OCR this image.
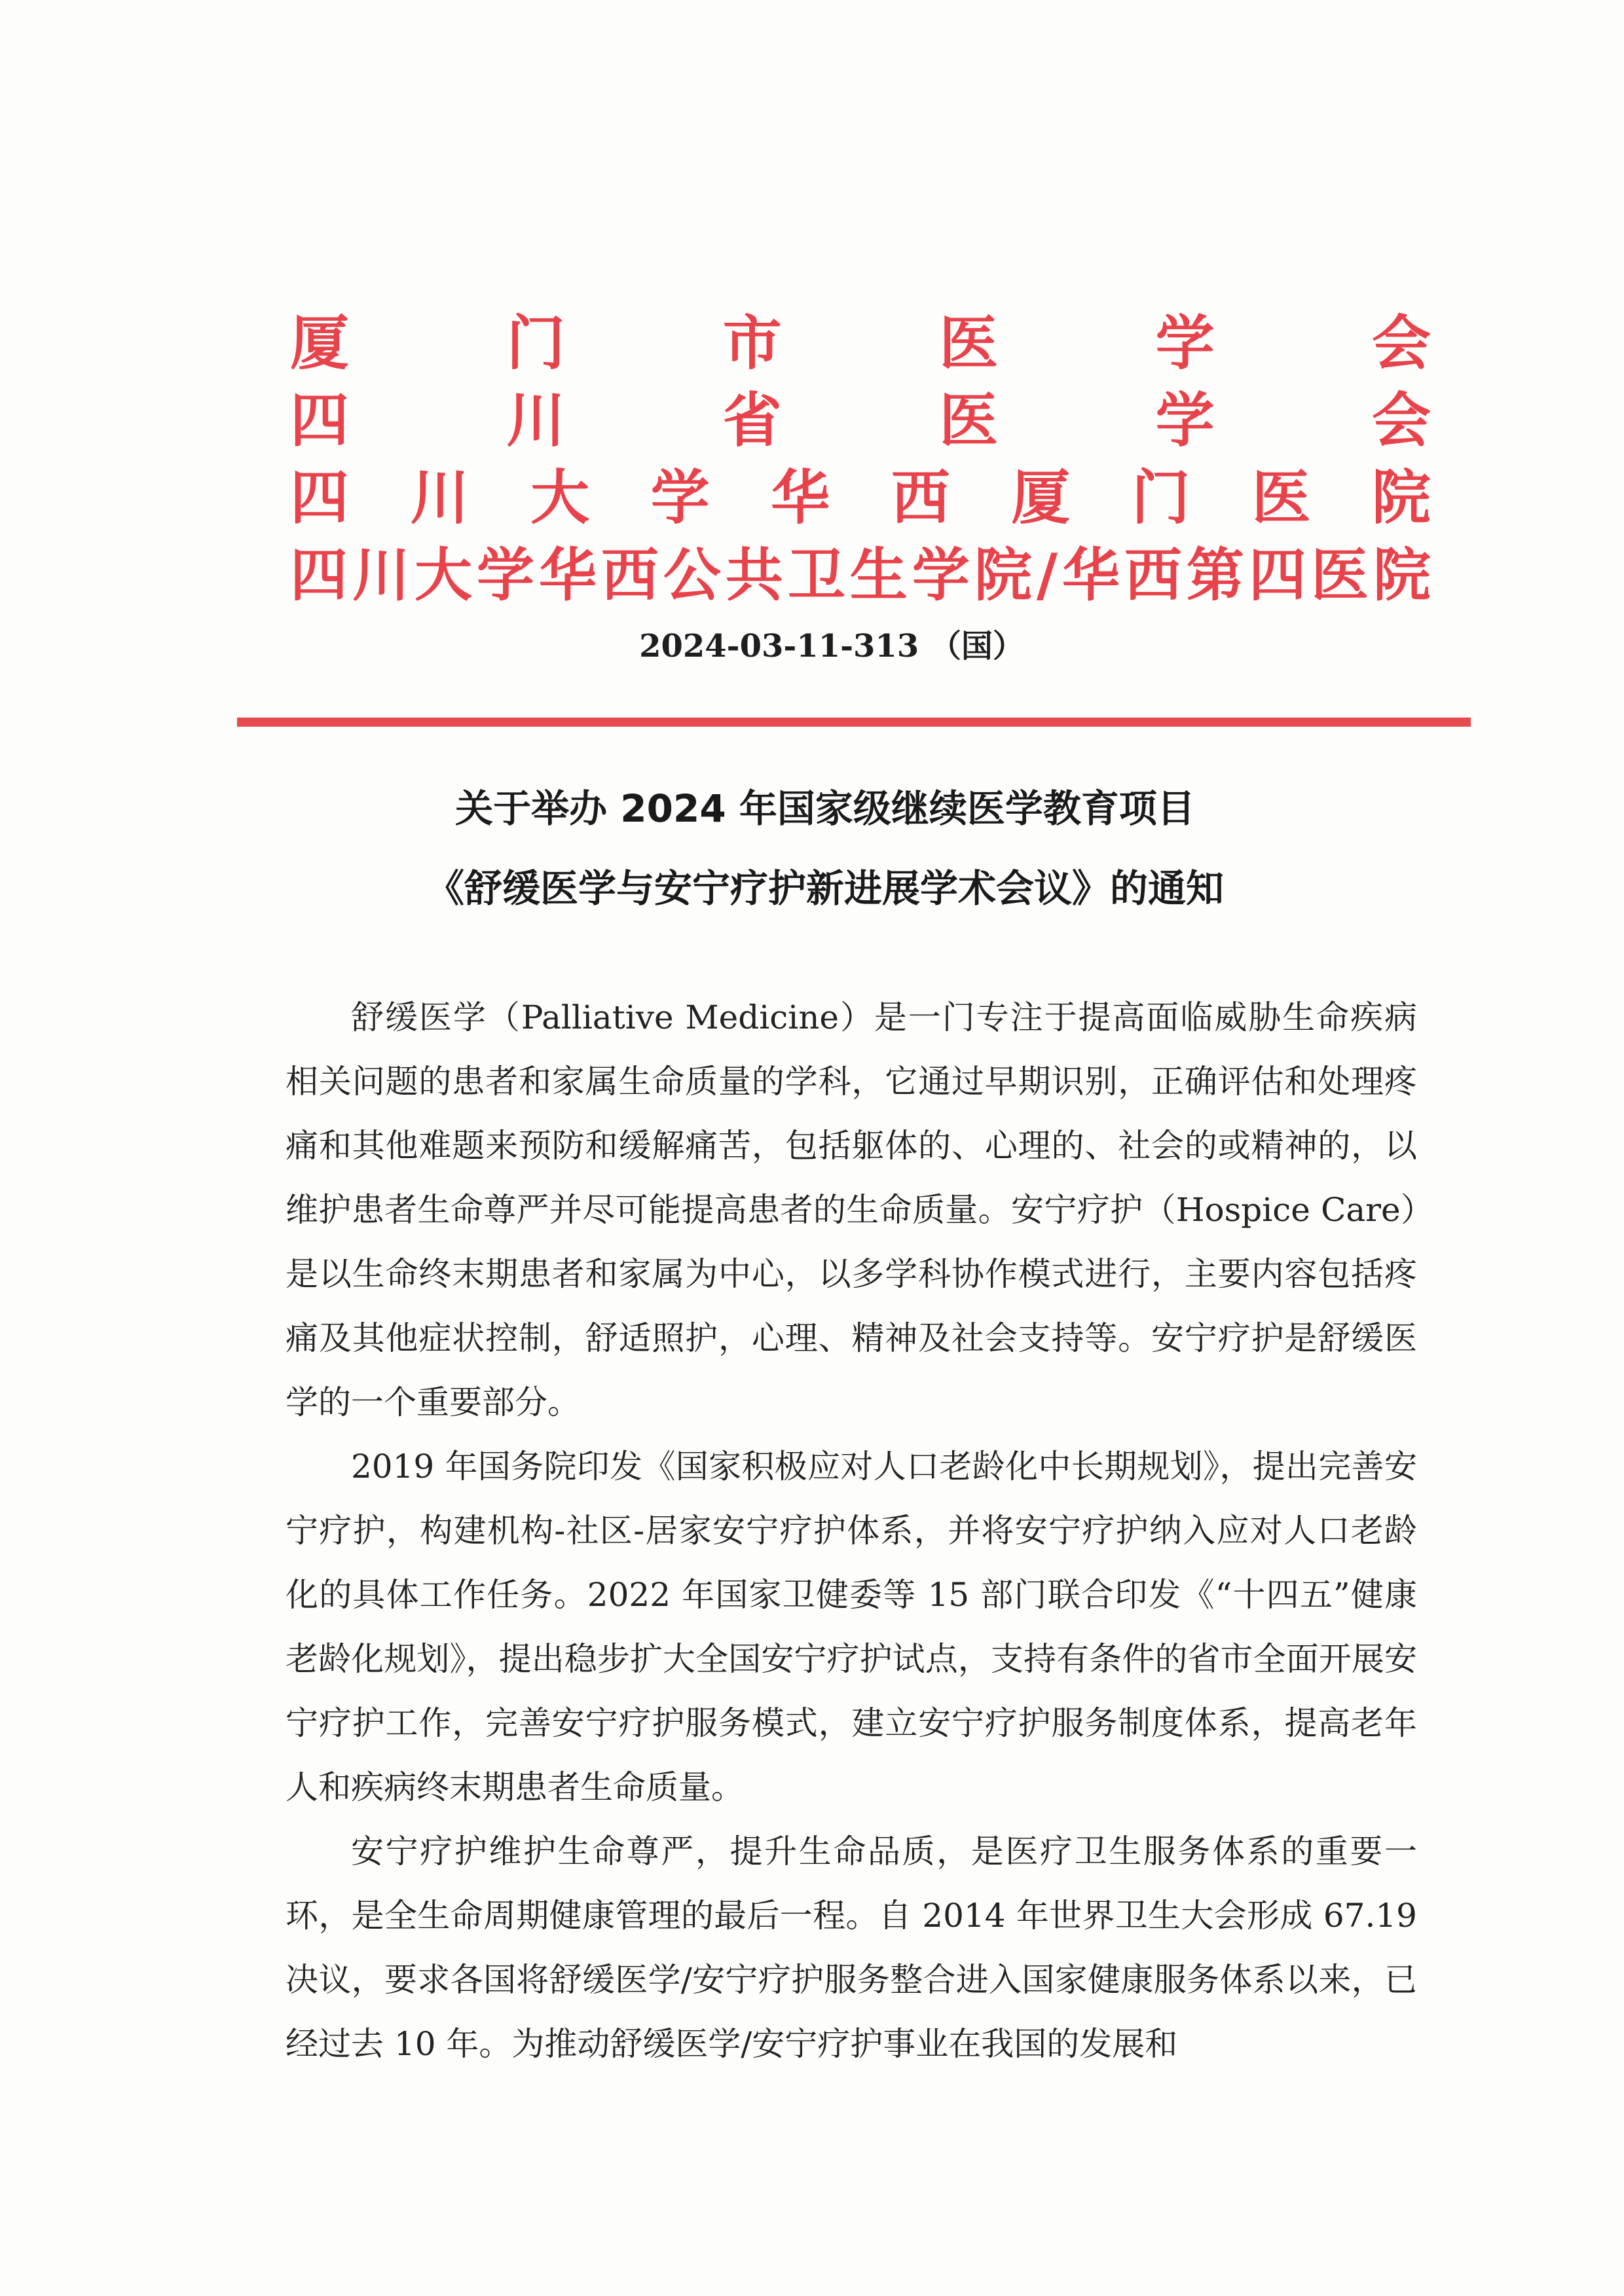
厦	门	市	医	学	会
四	川	省	医	学	会
四 川 大 学 华 西 厦 门 医 院
四 川 大 学 华 西 公 共 卫 生 学 院 / 华 西 第 四 医 院
2024-03-11-313 （国）
关于举办 2024 年国家级继续医学教育项目
《舒缓医学与安宁疗护新进展学术会议》的通知

舒缓医学（Palliative Medicine）是一门专注于提高面临威胁生命疾病相关问题的患者和家属生命质量的学科，它通过早期识别，正确评估和处理疼痛和其他难题来预防和缓解痛苦，包括躯体的、心理的、社会的或精神的，以维护患者生命尊严并尽可能提高患者的生命质量。安宁疗护（Hospice Care）是以生命终末期患者和家属为中心，以多学科协作模式进行，主要内容包括疼痛及其他症状控制，舒适照护，心理、精神及社会支持等。安宁疗护是舒缓医学的一个重要部分。

2019 年国务院印发《国家积极应对人口老龄化中长期规划》，提出完善安宁疗护，构建机构-社区-居家安宁疗护体系，并将安宁疗护纳入应对人口老龄化的具体工作任务。2022 年国家卫健委等 15 部门联合印发《“十四五”健康老龄化规划》，提出稳步扩大全国安宁疗护试点，支持有条件的省市全面开展安宁疗护工作，完善安宁疗护服务模式，建立安宁疗护服务制度体系，提高老年人和疾病终末期患者生命质量。

安宁疗护维护生命尊严，提升生命品质，是医疗卫生服务体系的重要一环，是全生命周期健康管理的最后一程。自 2014 年世界卫生大会形成 67.19 决议，要求各国将舒缓医学/安宁疗护服务整合进入国家健康服务体系以来，已经过去 10 年。为推动舒缓医学/安宁疗护事业在我国的发展和
